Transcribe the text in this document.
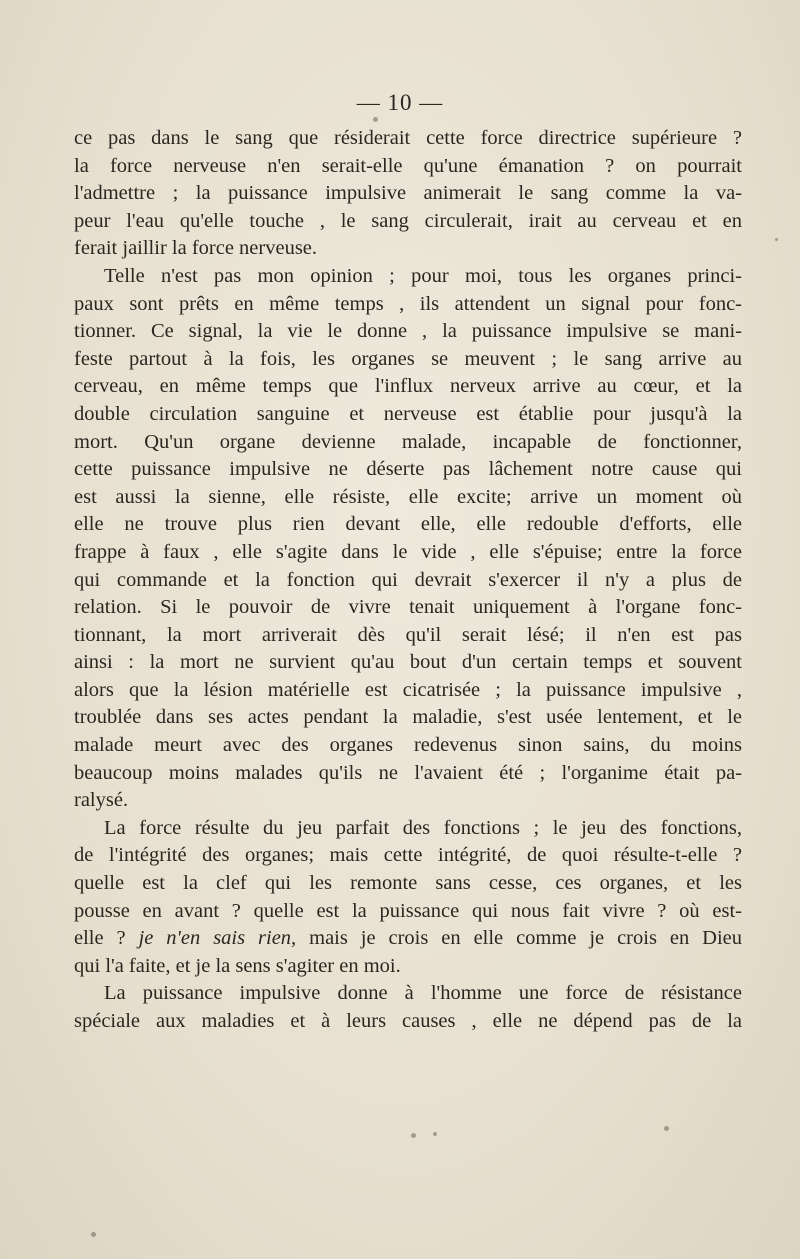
— 10 —
ce pas dans le sang que résiderait cette force directrice supérieure ?
la force nerveuse n'en serait-elle qu'une émanation ? on pourrait
l'admettre ; la puissance impulsive animerait le sang comme la va-
peur l'eau qu'elle touche , le sang circulerait, irait au cerveau et en
ferait jaillir la force nerveuse.
Telle n'est pas mon opinion ; pour moi, tous les organes princi-
paux sont prêts en même temps , ils attendent un signal pour fonc-
tionner. Ce signal, la vie le donne , la puissance impulsive se mani-
feste partout à la fois, les organes se meuvent ; le sang arrive au
cerveau, en même temps que l'influx nerveux arrive au cœur, et la
double circulation sanguine et nerveuse est établie pour jusqu'à la
mort. Qu'un organe devienne malade, incapable de fonctionner,
cette puissance impulsive ne déserte pas lâchement notre cause qui
est aussi la sienne, elle résiste, elle excite; arrive un moment où
elle ne trouve plus rien devant elle, elle redouble d'efforts, elle
frappe à faux , elle s'agite dans le vide , elle s'épuise; entre la force
qui commande et la fonction qui devrait s'exercer il n'y a plus de
relation. Si le pouvoir de vivre tenait uniquement à l'organe fonc-
tionnant, la mort arriverait dès qu'il serait lésé; il n'en est pas
ainsi : la mort ne survient qu'au bout d'un certain temps et souvent
alors que la lésion matérielle est cicatrisée ; la puissance impulsive ,
troublée dans ses actes pendant la maladie, s'est usée lentement, et le
malade meurt avec des organes redevenus sinon sains, du moins
beaucoup moins malades qu'ils ne l'avaient été ; l'organime était pa-
ralysé.
La force résulte du jeu parfait des fonctions ; le jeu des fonctions,
de l'intégrité des organes; mais cette intégrité, de quoi résulte-t-elle ?
quelle est la clef qui les remonte sans cesse, ces organes, et les
pousse en avant ? quelle est la puissance qui nous fait vivre ? où est-
elle ? je n'en sais rien, mais je crois en elle comme je crois en Dieu
qui l'a faite, et je la sens s'agiter en moi.
La puissance impulsive donne à l'homme une force de résistance
spéciale aux maladies et à leurs causes , elle ne dépend pas de la
